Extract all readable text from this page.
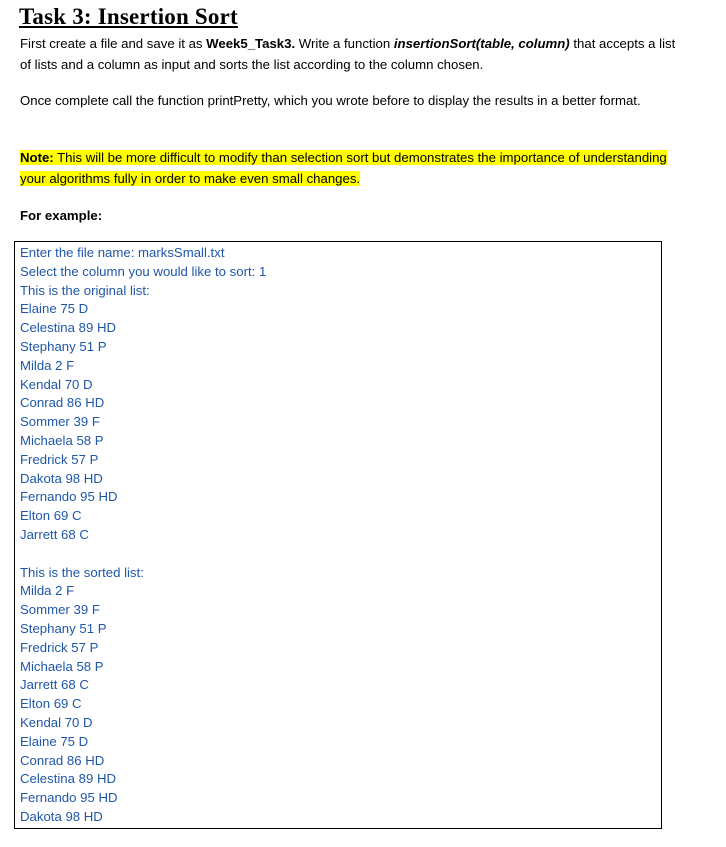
Task 3: Insertion Sort

First create a file and save it as Week5_Task3. Write a function insertionSort(table, column) that accepts a list of lists and a column as input and sorts the list according to the column chosen.

Once complete call the function printPretty, which you wrote before to display the results in a better format.

Note: This will be more difficult to modify than selection sort but demonstrates the importance of understanding your algorithms fully in order to make even small changes.

For example:

Enter the file name: marksSmall.txt
Select the column you would like to sort: 1
This is the original list:
Elaine 75 D
Celestina 89 HD
Stephany 51 P
Milda 2 F
Kendal 70 D
Conrad 86 HD
Sommer 39 F
Michaela 58 P
Fredrick 57 P
Dakota 98 HD
Fernando 95 HD
Elton 69 C
Jarrett 68 C
This is the sorted list:
Milda 2 F
Sommer 39 F
Stephany 51 P
Fredrick 57 P
Michaela 58 P
Jarrett 68 C
Elton 69 C
Kendal 70 D
Elaine 75 D
Conrad 86 HD
Celestina 89 HD
Fernando 95 HD
Dakota 98 HD
